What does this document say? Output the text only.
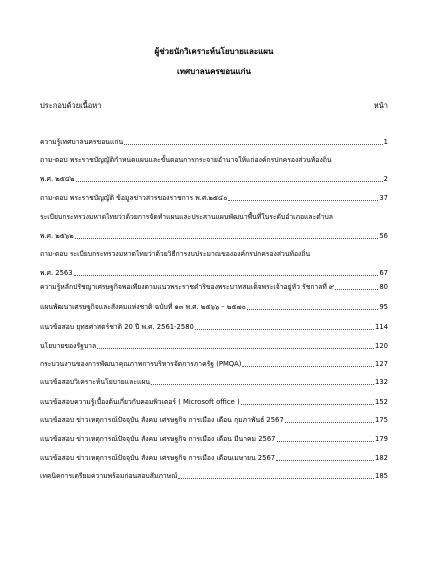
ผู้ช่วยนักวิเคราะห์นโยบายและแผน
เทศบาลนครขอนแก่น
ประกอบด้วยเนื้อหา	หน้า
ความรู้เทศบาลนครขอนแก่น	1
ถาม-ตอบ พระราชบัญญัติกำหนดแผนและขั้นตอนการกระจายอำนาจให้แก่องค์กรปกครองส่วนท้องถิ่น
พ.ศ. ๒๕๔๒	2
ถาม-ตอบ พระราชบัญญัติ ข้อมูลข่าวสารของราชการ พ.ศ.๒๕๔๐	37
ระเบียบกระทรวงมหาดไทยว่าด้วยการจัดทำแผนและประสานแผนพัฒนาพื้นที่ในระดับอำเภอและตำบล
พ.ศ. ๒๕๖๒	56
ถาม-ตอบ ระเบียบกระทรวงมหาดไทยว่าด้วยวิธีการงบประมาณขององค์กรปกครองส่วนท้องถิ่น
พ.ศ. 2563	67
ความรู้หลักปรัชญาเศรษฐกิจพอเพียงตามแนวพระราชดำริของพระบาทสมเด็จพระเจ้าอยู่หัว รัชกาลที่ ๙	80
แผนพัฒนาเศรษฐกิจและสังคมแห่งชาติ ฉบับที่ ๑๓ พ.ศ. ๒๕๖๖ – ๒๕๗๐	95
แนวข้อสอบ ยุทธศาสตร์ชาติ 20 ปี พ.ศ. 2561-2580	114
นโยบายของรัฐบาล	120
กระบวนงานของการพัฒนาคุณภาพการบริหารจัดการภาครัฐ (PMQA)	127
แนวข้อสอบวิเคราะห์นโยบายและแผน	132
แนวข้อสอบความรู้เบื้องต้นเกี่ยวกับคอมพิวเตอร์ ( Microsoft office )	152
แนวข้อสอบ ข่าวเหตุการณ์ปัจจุบัน สังคม เศรษฐกิจ การเมือง เดือน กุมภาพันธ์ 2567	175
แนวข้อสอบ ข่าวเหตุการณ์ปัจจุบัน สังคม เศรษฐกิจ การเมือง เดือน มีนาคม 2567	179
แนวข้อสอบ ข่าวเหตุการณ์ปัจจุบัน สังคม เศรษฐกิจ การเมือง เดือนเมษายน 2567	182
เทคนิคการเตรียมความพร้อมก่อนสอบสัมภาษณ์	185
